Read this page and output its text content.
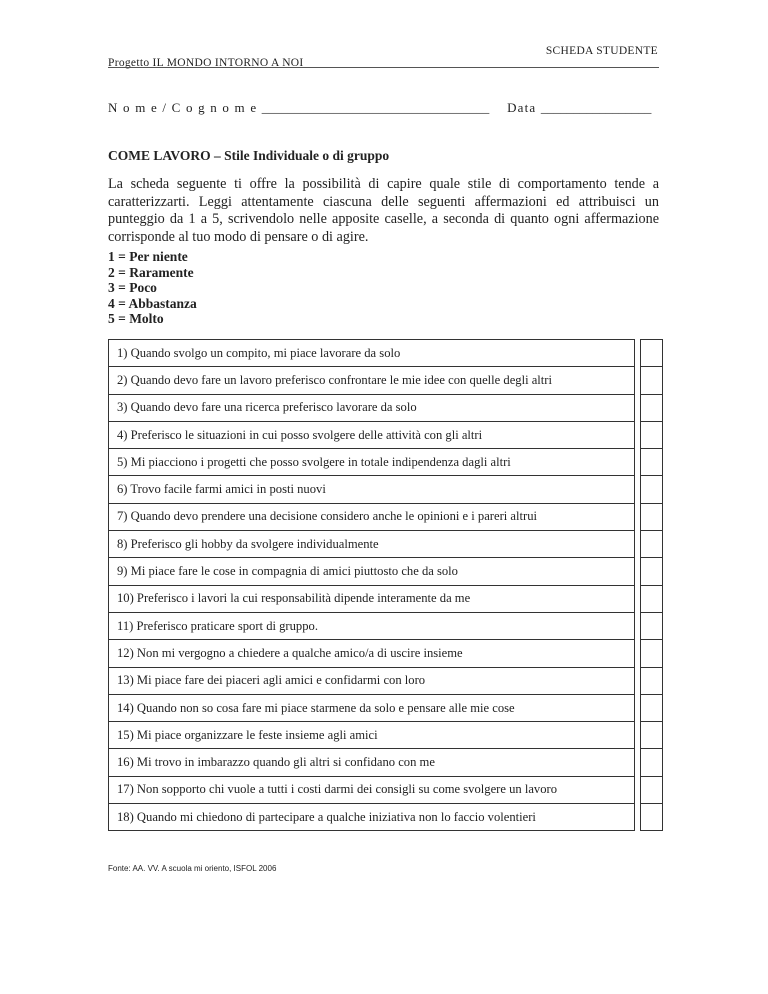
Progetto IL MONDO INTORNO A NOI
SCHEDA STUDENTE
N o m e / C o g n o m e ___________________________________ Data _________________
COME LAVORO – Stile Individuale o di gruppo
La scheda seguente ti offre la possibilità di capire quale stile di comportamento tende a caratterizzarti. Leggi attentamente ciascuna delle seguenti affermazioni ed attribuisci un punteggio da 1 a 5, scrivendolo nelle apposite caselle, a seconda di quanto ogni affermazione corrisponde al tuo modo di pensare o di agire.
1 = Per niente
2 = Raramente
3 = Poco
4 = Abbastanza
5 = Molto
1) Quando svolgo un compito, mi piace lavorare da solo		
2) Quando devo fare un lavoro preferisco confrontare le mie idee con quelle degli altri		
3) Quando devo fare una ricerca preferisco lavorare da solo		
4) Preferisco le situazioni in cui posso svolgere delle attività con gli altri		
5) Mi piacciono i progetti che posso svolgere in totale indipendenza dagli altri		
6) Trovo facile farmi amici in posti nuovi		
7) Quando devo prendere una decisione considero anche le opinioni e i pareri altrui		
8) Preferisco gli hobby da svolgere individualmente		
9) Mi piace fare le cose in compagnia di amici piuttosto che da solo		
10) Preferisco i lavori la cui responsabilità dipende interamente da me		
11) Preferisco praticare sport di gruppo.		
12) Non mi vergogno a chiedere a qualche amico/a di uscire insieme		
13) Mi piace fare dei piaceri agli amici e confidarmi con loro		
14) Quando non so cosa fare mi piace starmene da solo e pensare alle mie cose		
15) Mi piace organizzare le feste insieme agli amici		
16) Mi trovo in imbarazzo quando gli altri si confidano con me		
17) Non sopporto chi vuole a tutti i costi darmi dei consigli su come svolgere un lavoro		
18) Quando mi chiedono di partecipare a qualche iniziativa non lo faccio volentieri		
Fonte: AA. VV. A scuola mi oriento, ISFOL 2006
